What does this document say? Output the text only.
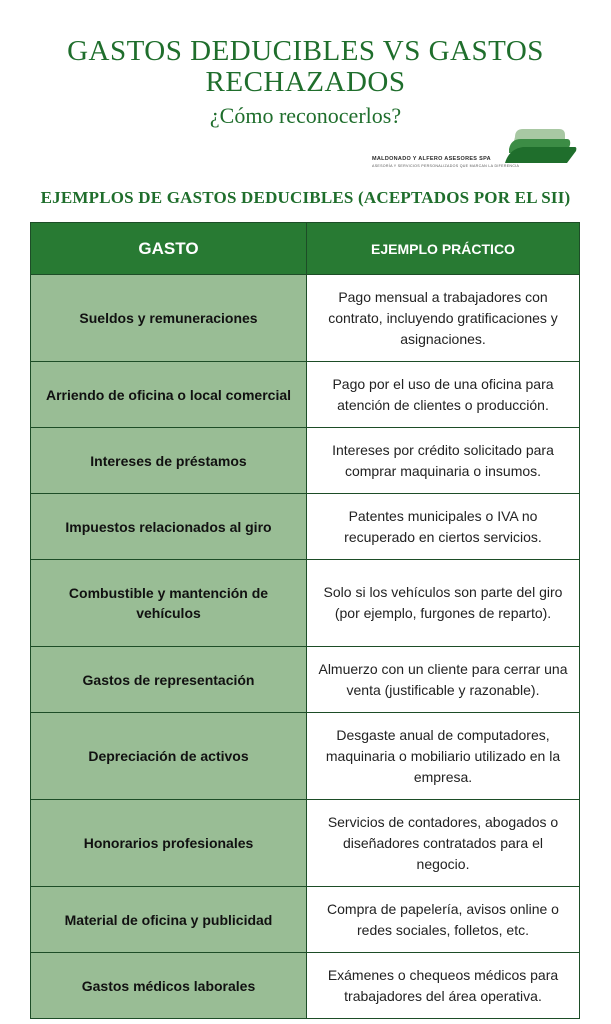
GASTOS DEDUCIBLES VS GASTOS RECHAZADOS
¿Cómo reconocerlos?
MALDONADO Y ALFERO ASESORES SPA
ASESORÍA Y SERVICIOS PERSONALIZADOS QUE MARCAN LA DIFERENCIA
EJEMPLOS DE GASTOS DEDUCIBLES (ACEPTADOS POR EL SII)
GASTO	EJEMPLO PRÁCTICO
Sueldos y remuneraciones
Pago mensual a trabajadores con contrato, incluyendo gratificaciones y asignaciones.
Arriendo de oficina o local comercial
Pago por el uso de una oficina para atención de clientes o producción.
Intereses de préstamos
Intereses por crédito solicitado para comprar maquinaria o insumos.
Impuestos relacionados al giro
Patentes municipales o IVA no recuperado en ciertos servicios.
Combustible y mantención de vehículos
Solo si los vehículos son parte del giro (por ejemplo, furgones de reparto).
Gastos de representación
Almuerzo con un cliente para cerrar una venta (justificable y razonable).
Depreciación de activos
Desgaste anual de computadores, maquinaria o mobiliario utilizado en la empresa.
Honorarios profesionales
Servicios de contadores, abogados o diseñadores contratados para el negocio.
Material de oficina y publicidad
Compra de papelería, avisos online o redes sociales, folletos, etc.
Gastos médicos laborales
Exámenes o chequeos médicos para trabajadores del área operativa.
